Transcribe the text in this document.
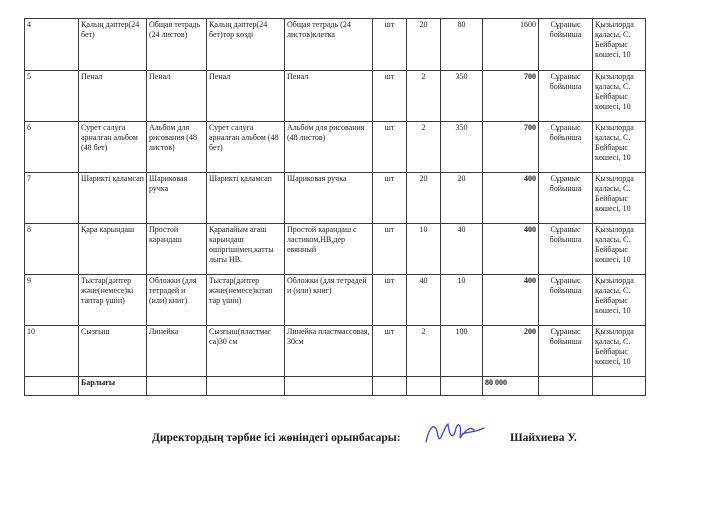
4	Қалың дәптер(24 бет)	Общая тетрадь (24 листов)	Қалың дәптер(24 бет)тор көзді	Общая тетрадь (24 листов)клетка	шт	20	80	1600	Сұраныс бойынша	Қызылорда қаласы, С. Бейбарыс көшесі, 10
5	Пенал	Пенал	Пенал	Пенал	шт	2	350	700	Сұраныс бойынша	Қызылорда қаласы, С. Бейбарыс көшесі, 10
6	Сурет салуға арналған альбом (48 бет)	Альбом для рисования (48 листов)	Сурет салуға арналған альбом (48 бет)	Альбом для рисования (48 листов)	шт	2	350	700	Сұраныс бойынша	Қызылорда қаласы, С. Бейбарыс көшесі, 10
7	Шарикті қаламсап	Шариковая ручка	Шарикті қаламсап	Шариковая ручка	шт	20	20	400	Сұраныс бойынша	Қызылорда қаласы, С. Бейбарыс көшесі, 10
8	Қара карындаш	Простой карандаш	Қарапайым ағаш карындаш өшіргішімен,катты лығы НВ.	Простой карандаш с ластиком,НВ,дер евянный	шт	10	40	400	Сұраныс бойынша	Қызылорда қаласы, С. Бейбарыс көшесі, 10
9	Тыстар(дәптер және(немесе)кі таптар үшін)	Обложки (для тетрадей и (или) книг)	Тыстар(дәптер және(немесе)кітап тар үшін)	Обложки (для тетрадей и (или) книг)	шт	40	10	400	Сұраныс бойынша	Қызылорда қаласы, С. Бейбарыс көшесі, 10
10	Сызғыш	Линейка	Сызғыш(пластмас са)30 см	Линейка пластмассовая, 30см	шт	2	100	200	Сұраныс бойынша	Қызылорда қаласы, С. Бейбарыс көшесі, 10
	Барлығы							80 000		
Директордың тәрбие ісі жөніндегі орынбасары:	Шайхиева У.
